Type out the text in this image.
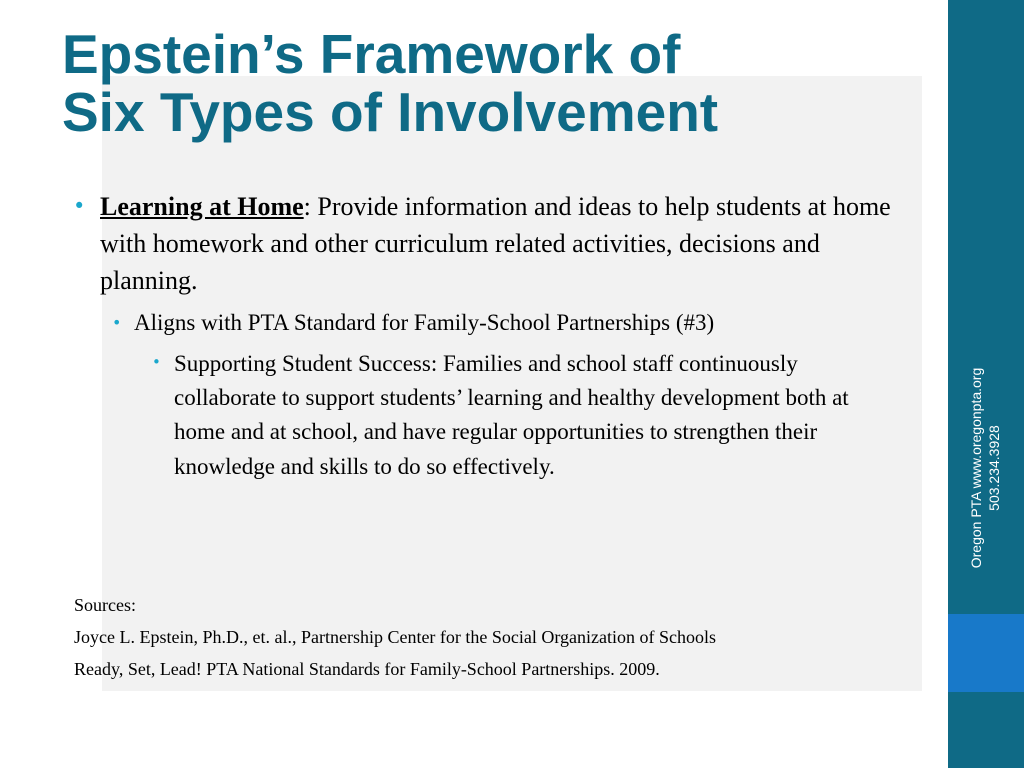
Oregon PTA www.oregonpta.org 503.234.3928
Epstein’s Framework of
Six Types of Involvement
• Learning at Home: Provide information and ideas to help students at home with homework and other curriculum related activities, decisions and planning.
• Aligns with PTA Standard for Family-School Partnerships (#3)
• Supporting Student Success: Families and school staff continuously collaborate to support students’ learning and healthy development both at home and at school, and have regular opportunities to strengthen their knowledge and skills to do so effectively.
Sources:
Joyce L. Epstein, Ph.D., et. al., Partnership Center for the Social Organization of Schools
Ready, Set, Lead! PTA National Standards for Family-School Partnerships. 2009.
